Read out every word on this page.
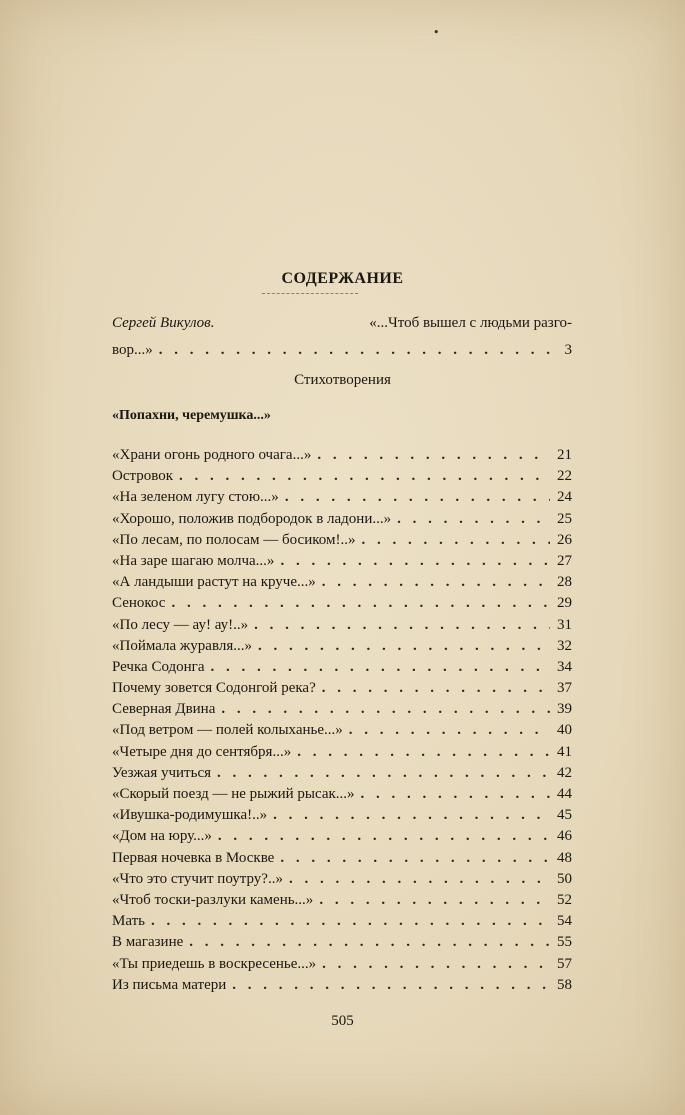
•
СОДЕРЖАНИЕ
Сергей Викулов.	«...Чтоб вышел с людьми разго-
вор...» . . .	3
Стихотворения
«Попахни, черемушка...»
«Храни огонь родного очага...» . . .	21
Островок . . .	22
«На зеленом лугу стою...» . . .	24
«Хорошо, положив подбородок в ладони...» . . .	25
«По лесам, по полосам — босиком!..» . . .	26
«На заре шагаю молча...» . . .	27
«А ландыши растут на круче...» . . .	28
Сенокос . . .	29
«По лесу — ау! ау!..» . . .	31
«Поймала журавля...» . . .	32
Речка Содонга . . .	34
Почему зовется Содонгой река? . . .	37
Северная Двина . . .	39
«Под ветром — полей колыханье...» . . .	40
«Четыре дня до сентября...» . . .	41
Уезжая учиться . . .	42
«Скорый поезд — не рыжий рысак...» . . .	44
«Ивушка-родимушка!..» . . .	45
«Дом на юру...» . . .	46
Первая ночевка в Москве . . .	48
«Что это стучит поутру?..» . . .	50
«Чтоб тоски-разлуки камень...» . . .	52
Мать . . .	54
В магазине . . .	55
«Ты приедешь в воскресенье...» . . .	57
Из письма матери . . .	58
505
